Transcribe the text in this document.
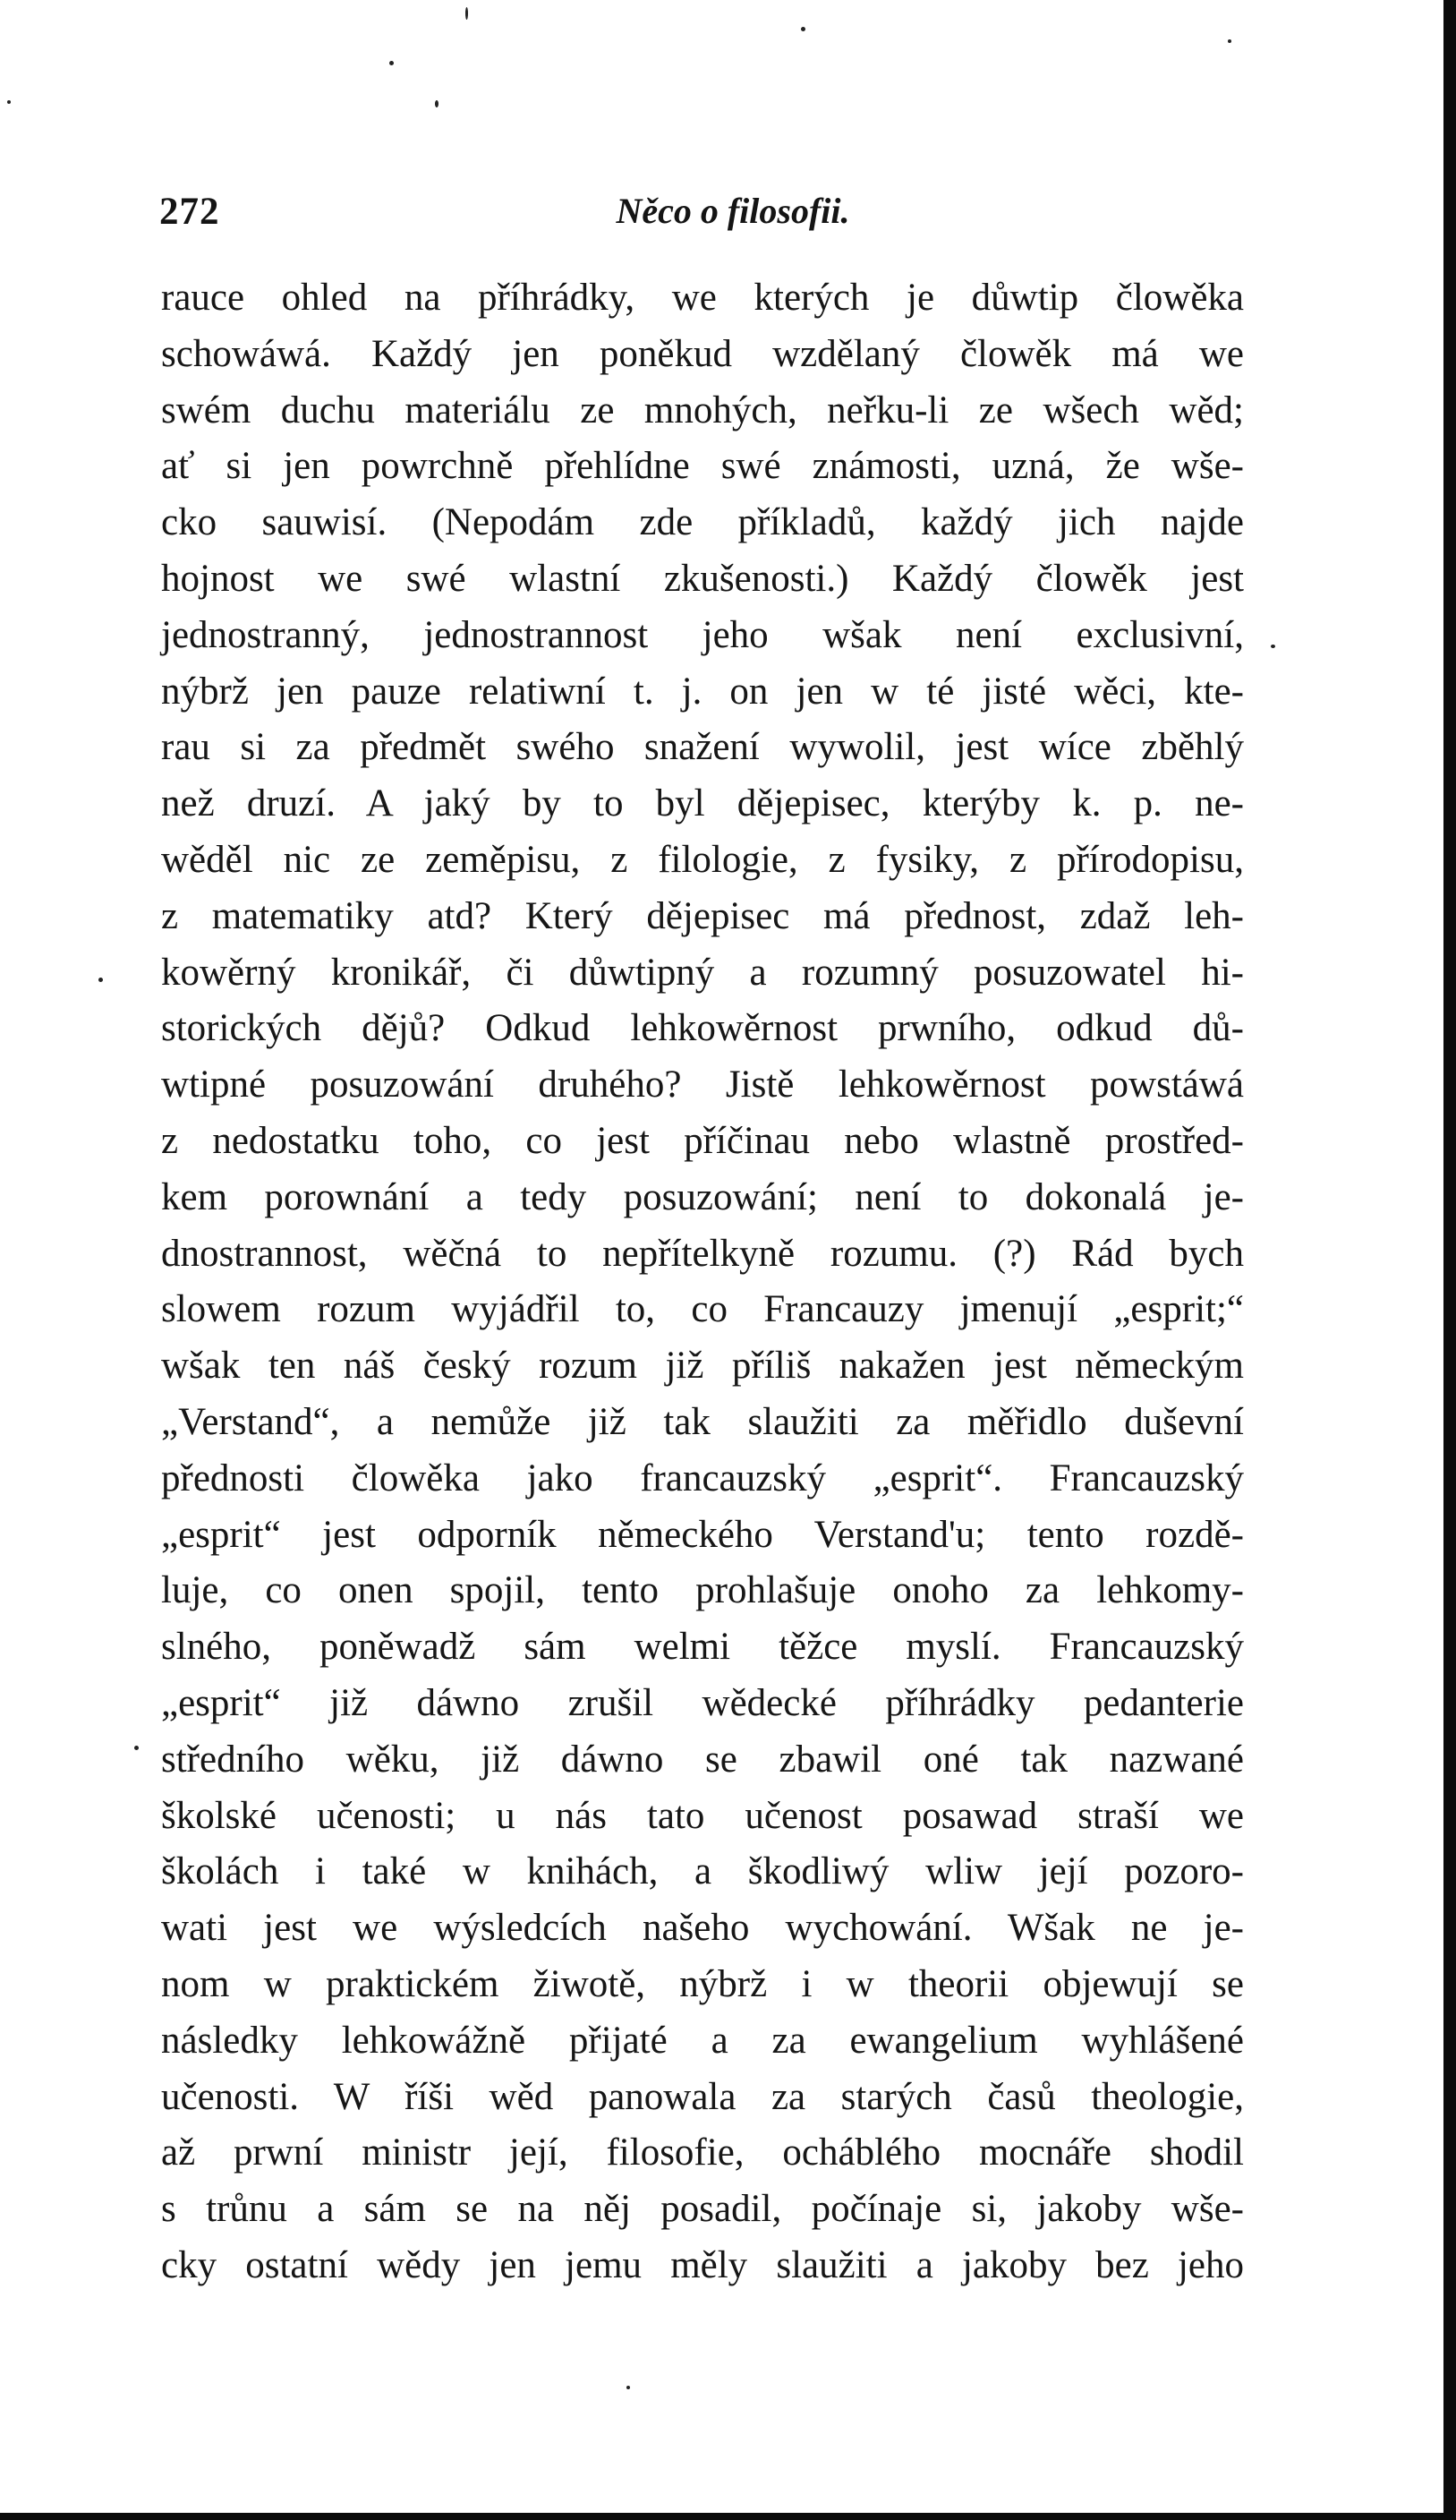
272	Něco o filosofii.
rauce ohled na příhrádky, we kterých je důwtip člowěka
schowáwá. Každý jen poněkud wzdělaný člowěk má we
swém duchu materiálu ze mnohých, neřku-li ze wšech wěd;
ať si jen powrchně přehlídne swé známosti, uzná, že wše-
cko sauwisí. (Nepodám zde příkladů, každý jich najde
hojnost we swé wlastní zkušenosti.) Každý člowěk jest
jednostranný, jednostrannost jeho wšak není exclusivní,
nýbrž jen pauze relatiwní t. j. on jen w té jisté wěci, kte-
rau si za předmět swého snažení wywolil, jest wíce zběhlý
než druzí. A jaký by to byl dějepisec, kterýby k. p. ne-
wěděl nic ze zeměpisu, z filologie, z fysiky, z přírodopisu,
z matematiky atd? Který dějepisec má přednost, zdaž leh-
kowěrný kronikář, či důwtipný a rozumný posuzowatel hi-
storických dějů? Odkud lehkowěrnost prwního, odkud dů-
wtipné posuzowání druhého? Jistě lehkowěrnost powstáwá
z nedostatku toho, co jest příčinau nebo wlastně prostřed-
kem porownání a tedy posuzowání; není to dokonalá je-
dnostrannost, wěčná to nepřítelkyně rozumu. (?) Rád bych
slowem rozum wyjádřil to, co Francauzy jmenují „esprit;“
wšak ten náš český rozum již příliš nakažen jest německým
„Verstand“, a nemůže již tak slaužiti za měřidlo duševní
přednosti člowěka jako francauzský „esprit“. Francauzský
„esprit“ jest odporník německého Verstand'u; tento rozdě-
luje, co onen spojil, tento prohlašuje onoho za lehkomy-
slného, poněwadž sám welmi těžce myslí. Francauzský
„esprit“ již dáwno zrušil wědecké příhrádky pedanterie
středního wěku, již dáwno se zbawil oné tak nazwané
školské učenosti; u nás tato učenost posawad straší we
školách i také w knihách, a škodliwý wliw její pozoro-
wati jest we wýsledcích našeho wychowání. Wšak ne je-
nom w praktickém žiwotě, nýbrž i w theorii objewují se
následky lehkowážně přijaté a za ewangelium wyhlášené
učenosti. W říši wěd panowala za starých časů theologie,
až prwní ministr její, filosofie, ocháblého mocnáře shodil
s trůnu a sám se na něj posadil, počínaje si, jakoby wše-
cky ostatní wědy jen jemu měly slaužiti a jakoby bez jeho
